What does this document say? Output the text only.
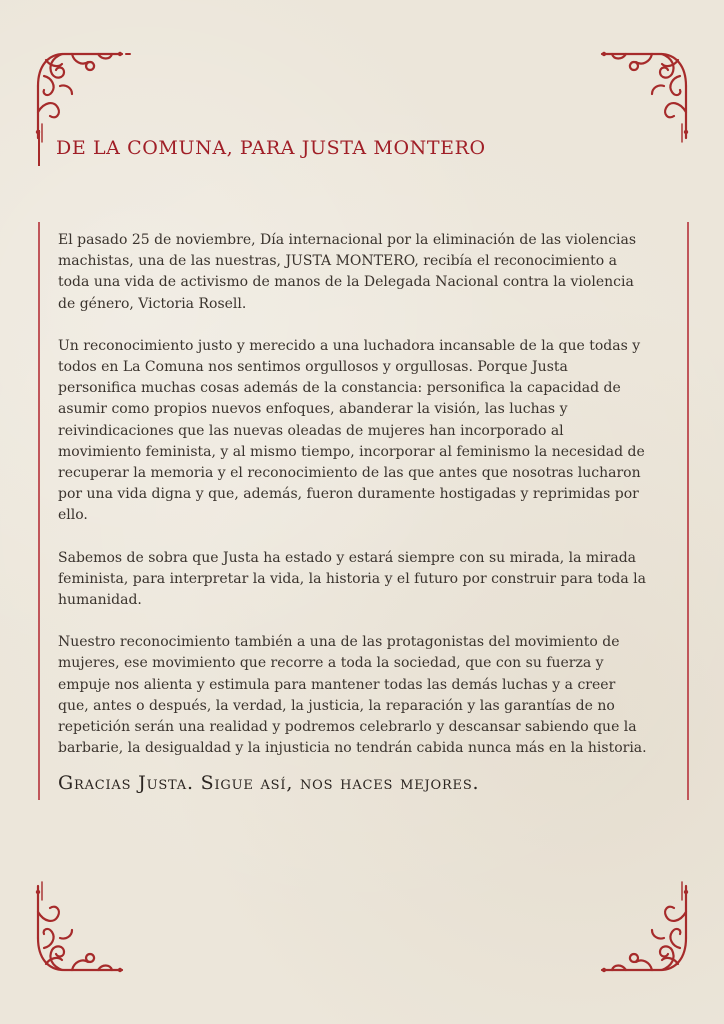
DE LA COMUNA, PARA JUSTA MONTERO

El pasado 25 de noviembre, Día internacional por la eliminación de las violencias machistas, una de las nuestras, JUSTA MONTERO, recibía el reconocimiento a toda una vida de activismo de manos de la Delegada Nacional contra la violencia de género, Victoria Rosell.

Un reconocimiento justo y merecido a una luchadora incansable de la que todas y todos en La Comuna nos sentimos orgullosos y orgullosas. Porque Justa personifica muchas cosas además de la constancia: personifica la capacidad de asumir como propios nuevos enfoques, abanderar la visión, las luchas y reivindicaciones que las nuevas oleadas de mujeres han incorporado al movimiento feminista, y al mismo tiempo, incorporar al feminismo la necesidad de recuperar la memoria y el reconocimiento de las que antes que nosotras lucharon por una vida digna y que, además, fueron duramente hostigadas y reprimidas por ello.

Sabemos de sobra que Justa ha estado y estará siempre con su mirada, la mirada feminista, para interpretar la vida, la historia y el futuro por construir para toda la humanidad.

Nuestro reconocimiento también a una de las protagonistas del movimiento de mujeres, ese movimiento que recorre a toda la sociedad, que con su fuerza y empuje nos alienta y estimula para mantener todas las demás luchas y a creer que, antes o después, la verdad, la justicia, la reparación y las garantías de no repetición serán una realidad y podremos celebrarlo y descansar sabiendo que la barbarie, la desigualdad y la injusticia no tendrán cabida nunca más en la historia.

Gracias Justa. Sigue así, nos haces mejores.
